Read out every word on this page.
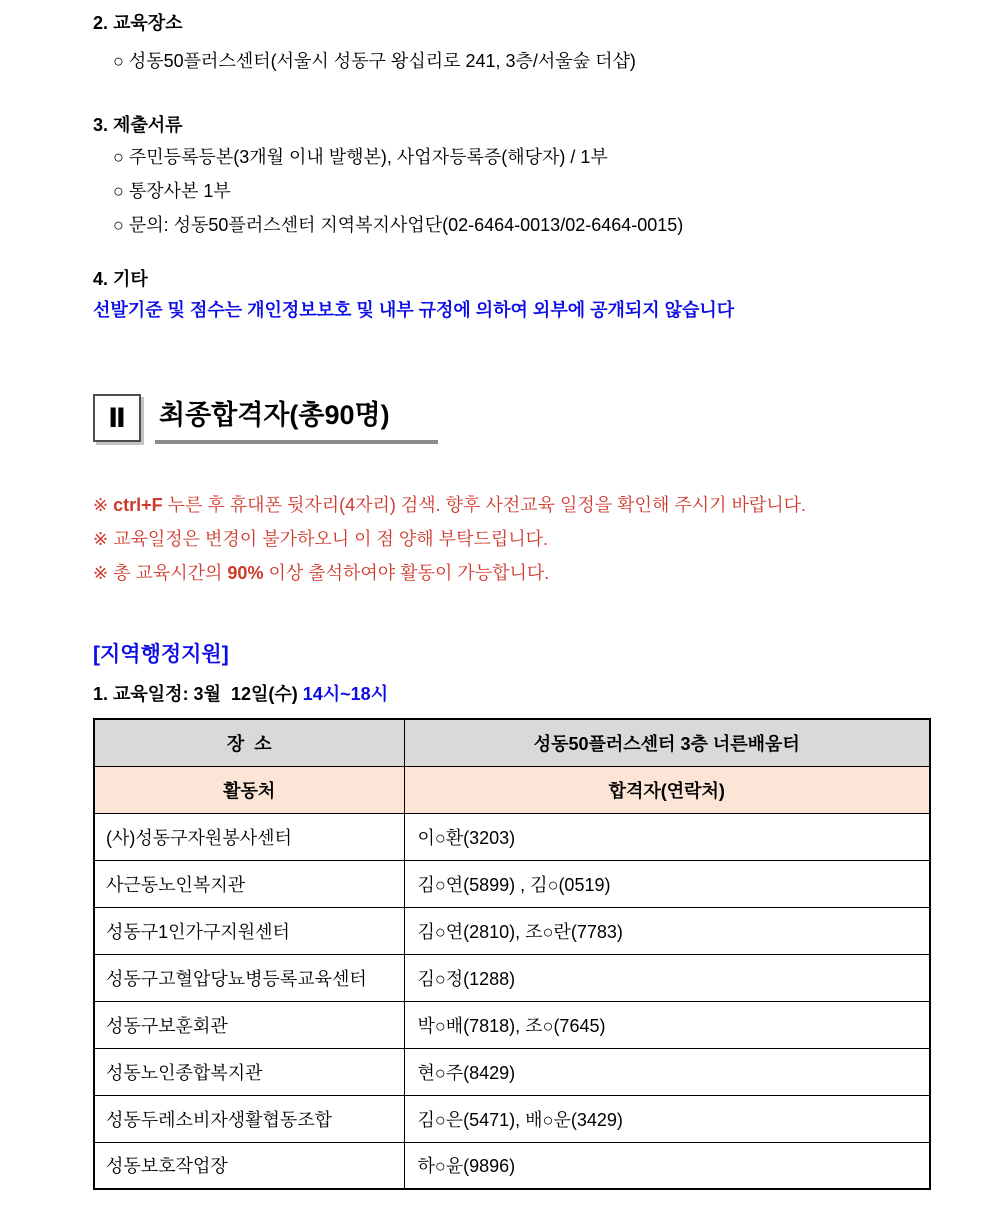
2. 교육장소
○ 성동50플러스센터(서울시 성동구 왕십리로 241, 3층/서울숲 더샵)
3. 제출서류
○ 주민등록등본(3개월 이내 발행본), 사업자등록증(해당자) / 1부
○ 통장사본 1부
○ 문의: 성동50플러스센터 지역복지사업단(02-6464-0013/02-6464-0015)
4. 기타
선발기준 및 점수는 개인정보보호 및 내부 규정에 의하여 외부에 공개되지 않습니다
Ⅱ 최종합격자(총90명)
※ ctrl+F 누른 후 휴대폰 뒷자리(4자리) 검색. 향후 사전교육 일정을 확인해 주시기 바랍니다.
※ 교육일정은 변경이 불가하오니 이 점 양해 부탁드립니다.
※ 총 교육시간의 90% 이상 출석하여야 활동이 가능합니다.
[지역행정지원]
1. 교육일정: 3월  12일(수) 14시~18시
장  소	성동50플러스센터 3층 너른배움터
활동처	합격자(연락처)
(사)성동구자원봉사센터	이○환(3203)
사근동노인복지관	김○연(5899) , 김○(0519)
성동구1인가구지원센터	김○연(2810), 조○란(7783)
성동구고혈압당뇨병등록교육센터	김○정(1288)
성동구보훈회관	박○배(7818), 조○(7645)
성동노인종합복지관	현○주(8429)
성동두레소비자생활협동조합	김○은(5471), 배○운(3429)
성동보호작업장	하○윤(9896)
